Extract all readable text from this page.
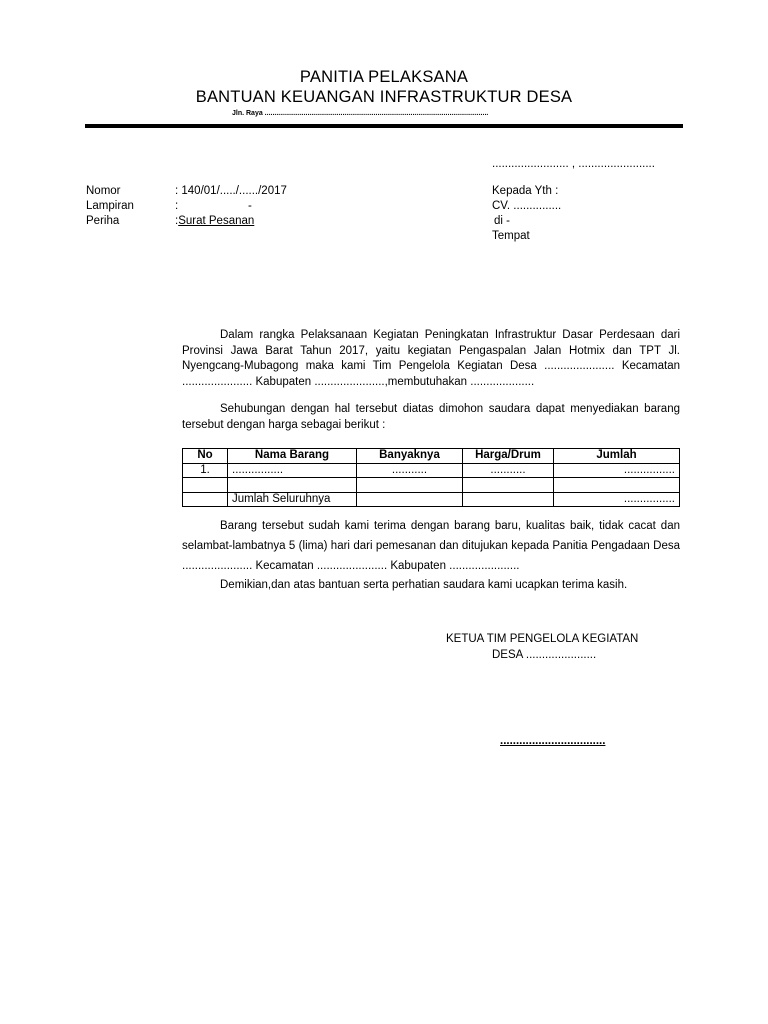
PANITIA PELAKSANA
BANTUAN KEUANGAN INFRASTRUKTUR DESA
Jln. Raya ...................................................................................................................
........................ , ........................
Nomor	: 140/01/...../....../2017
Lampiran	:	-
Periha	:Surat Pesanan
Kepada Yth :
CV. ...............
di -
Tempat
Dalam rangka Pelaksanaan Kegiatan Peningkatan Infrastruktur Dasar Perdesaan dari Provinsi Jawa Barat Tahun 2017, yaitu kegiatan Pengaspalan Jalan Hotmix dan TPT Jl. Nyengcang-Mubagong maka kami Tim Pengelola Kegiatan Desa ...................... Kecamatan ...................... Kabupaten ......................,membutuhakan ....................
Sehubungan dengan hal tersebut diatas dimohon saudara dapat menyediakan barang tersebut dengan harga sebagai berikut :
No	Nama Barang	Banyaknya	Harga/Drum	Jumlah
1.	................	...........	...........	................

	Jumlah Seluruhnya			................
Barang tersebut sudah kami terima dengan barang baru, kualitas baik, tidak cacat dan selambat-lambatnya 5 (lima) hari dari pemesanan dan ditujukan kepada Panitia Pengadaan Desa ...................... Kecamatan ...................... Kabupaten ......................
Demikian,dan atas bantuan serta perhatian saudara kami ucapkan terima kasih.
KETUA TIM PENGELOLA KEGIATAN
DESA ......................
.................................
